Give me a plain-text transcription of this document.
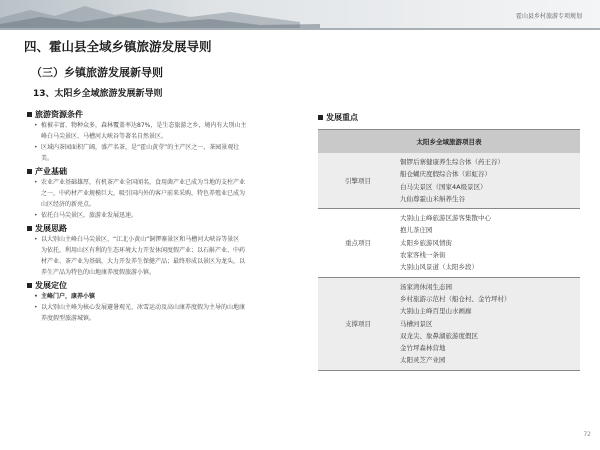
霍山县乡村旅游专项规划
四、霍山县全域乡镇旅游发展导则
（三）乡镇旅游发展新导则
13、太阳乡全域旅游发展新导则
旅游资源条件
• 植被丰富、物种众多，森林覆盖率达87%，是生态旅游之乡，境内有大别山主
峰白马尖景区、马槽河大峡谷等著名自然景区。
• 区域内茶园面积广阔，盛产名茶，是“霍山黄芽”的主产区之一，茶园景观壮
美。
产业基础
• 农业产业基础雄厚，有机茶产业全国闻名，食用菌产业已成为当地的支柱产业
之一，中药材产业规模巨大，吸引国内外的客户前来采购，特色养殖业已成为
山区经济的新亮点。
• 依托白马尖景区，旅游业发展迅速。
发展思路
• 以大别山主峰白马尖景区、“江北小黄山”铜锣寨景区和马槽河大峡谷等景区
为依托，利用山区有利的生态环境大力开发休闲度假产业；以石斛产业、中药
材产业、茶产业为基础，大力开发养生保健产品；最终形成以景区为龙头，以
养生产品为特色的山地康养度假旅游小镇。
发展定位
• 主峰门户，康养小镇
• 以大别山主峰为核心发展避暑观光、冰雪运动及高山康养度假为主导的山地康
养度假型旅游城镇。
发展重点
太阳乡全域旅游项目表
引擎项目
铜锣后寨健康养生综合体（药王谷）
船仓蝴庆度假综合体（彩虹谷）
白马尖景区（国家4A级景区）
九仙尊霍山米斛养生谷
重点项目
大别山主峰旅游区游客集散中心
抱儿茶庄园
太阳乡旅游风情街
农家客栈一条街
大别山风景道（太阳乡段）
支撑项目
汤家湾休闲生态园
乡村旅游示范村（船仓村、金竹坪村）
大别山主峰百里山水画廊
马槽河景区
双龙尖、象鼻湖旅游度假区
金竹坪森林营地
太阳灵芝产业园
72
